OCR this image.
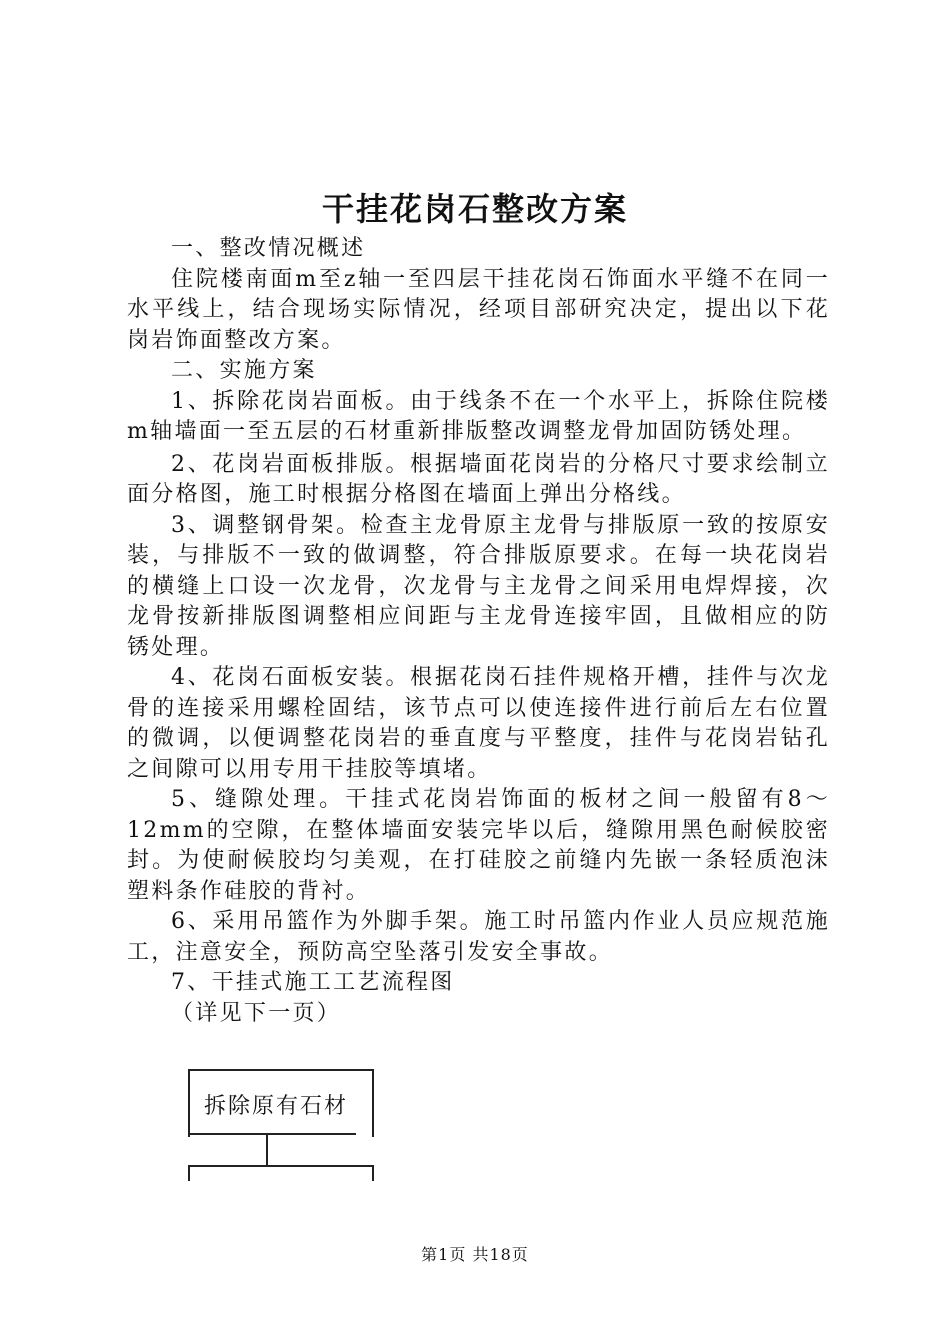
干挂花岗石整改方案

一、整改情况概述

住院楼南面m至z轴一至四层干挂花岗石饰面水平缝不在同一水平线上，结合现场实际情况，经项目部研究决定，提出以下花岗岩饰面整改方案。

二、实施方案

1、拆除花岗岩面板。由于线条不在一个水平上，拆除住院楼m轴墙面一至五层的石材重新排版整改调整龙骨加固防锈处理。

2、花岗岩面板排版。根据墙面花岗岩的分格尺寸要求绘制立面分格图，施工时根据分格图在墙面上弹出分格线。

3、调整钢骨架。检查主龙骨原主龙骨与排版原一致的按原安装，与排版不一致的做调整，符合排版原要求。在每一块花岗岩的横缝上口设一次龙骨，次龙骨与主龙骨之间采用电焊焊接，次龙骨按新排版图调整相应间距与主龙骨连接牢固，且做相应的防锈处理。

4、花岗石面板安装。根据花岗石挂件规格开槽，挂件与次龙骨的连接采用螺栓固结，该节点可以使连接件进行前后左右位置的微调，以便调整花岗岩的垂直度与平整度，挂件与花岗岩钻孔之间隙可以用专用干挂胶等填堵。

5、缝隙处理。干挂式花岗岩饰面的板材之间一般留有8～12mm的空隙，在整体墙面安装完毕以后，缝隙用黑色耐候胶密封。为使耐候胶均匀美观，在打硅胶之前缝内先嵌一条轻质泡沫塑料条作硅胶的背衬。

6、采用吊篮作为外脚手架。施工时吊篮内作业人员应规范施工，注意安全，预防高空坠落引发安全事故。

7、干挂式施工工艺流程图

（详见下一页）

拆除原有石材
第1页 共18页
